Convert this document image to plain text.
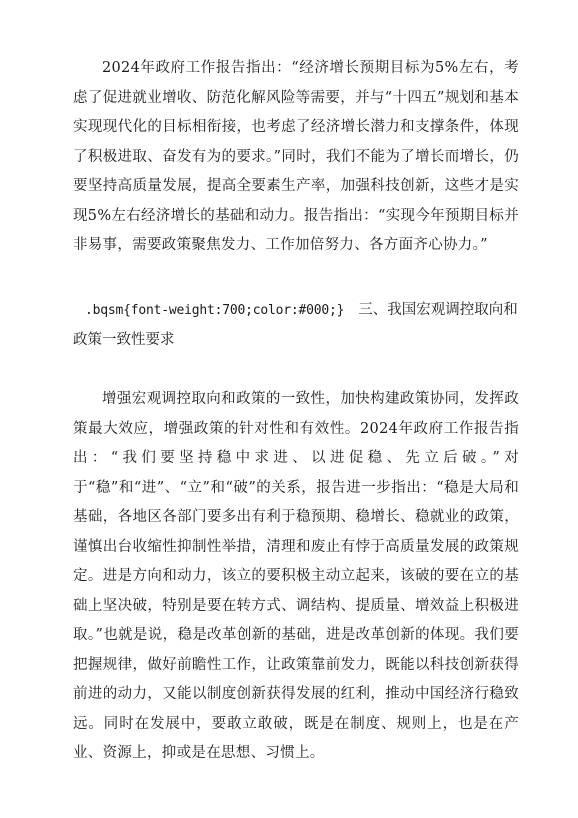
2024年政府工作报告指出：“经济增长预期目标为5%左右，考虑了促进就业增收、防范化解风险等需要，并与“十四五”规划和基本实现现代化的目标相衔接，也考虑了经济增长潜力和支撑条件，体现了积极进取、奋发有为的要求。”同时，我们不能为了增长而增长，仍要坚持高质量发展，提高全要素生产率，加强科技创新，这些才是实现5%左右经济增长的基础和动力。报告指出：“实现今年预期目标并非易事，需要政策聚焦发力、工作加倍努力、各方面齐心协力。”

.bqsm{font-weight:700;color:#000;} 三、我国宏观调控取向和政策一致性要求

增强宏观调控取向和政策的一致性，加快构建政策协同，发挥政策最大效应，增强政策的针对性和有效性。2024年政府工作报告指出：“我们要坚持稳中求进、以进促稳、先立后破。”对于“稳”和“进”、“立”和“破”的关系，报告进一步指出：“稳是大局和基础，各地区各部门要多出有利于稳预期、稳增长、稳就业的政策，谨慎出台收缩性抑制性举措，清理和废止有悖于高质量发展的政策规定。进是方向和动力，该立的要积极主动立起来，该破的要在立的基础上坚决破，特别是要在转方式、调结构、提质量、增效益上积极进取。”也就是说，稳是改革创新的基础，进是改革创新的体现。我们要把握规律，做好前瞻性工作，让政策靠前发力，既能以科技创新获得前进的动力，又能以制度创新获得发展的红利，推动中国经济行稳致远。同时在发展中，要敢立敢破，既是在制度、规则上，也是在产业、资源上，抑或是在思想、习惯上。
